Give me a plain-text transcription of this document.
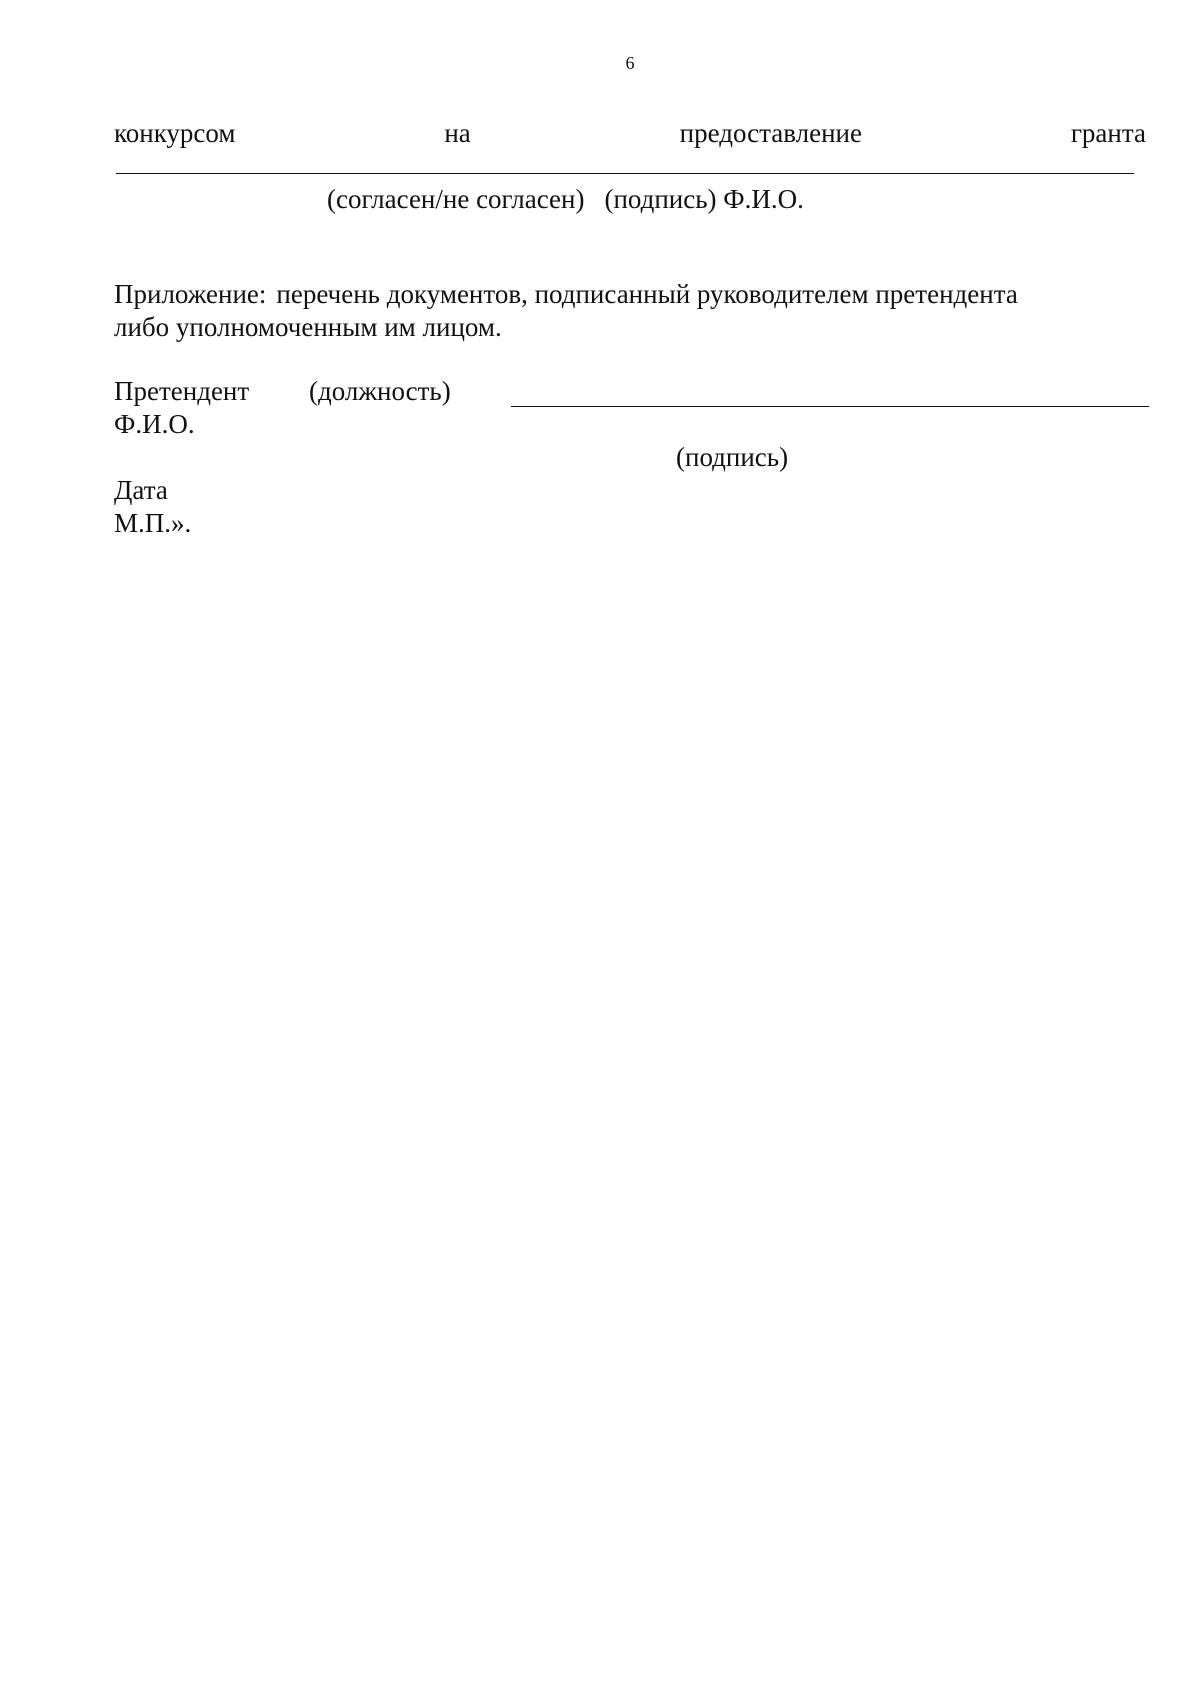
6
конкурсом	на	предоставление	гранта
(согласен/не согласен) (подпись) Ф.И.О.

Приложение: перечень документов, подписанный руководителем претендента

либо уполномоченным им лицом.

Претендент (должность)
Ф.И.О.
(подпись)
Дата
М.П.».
